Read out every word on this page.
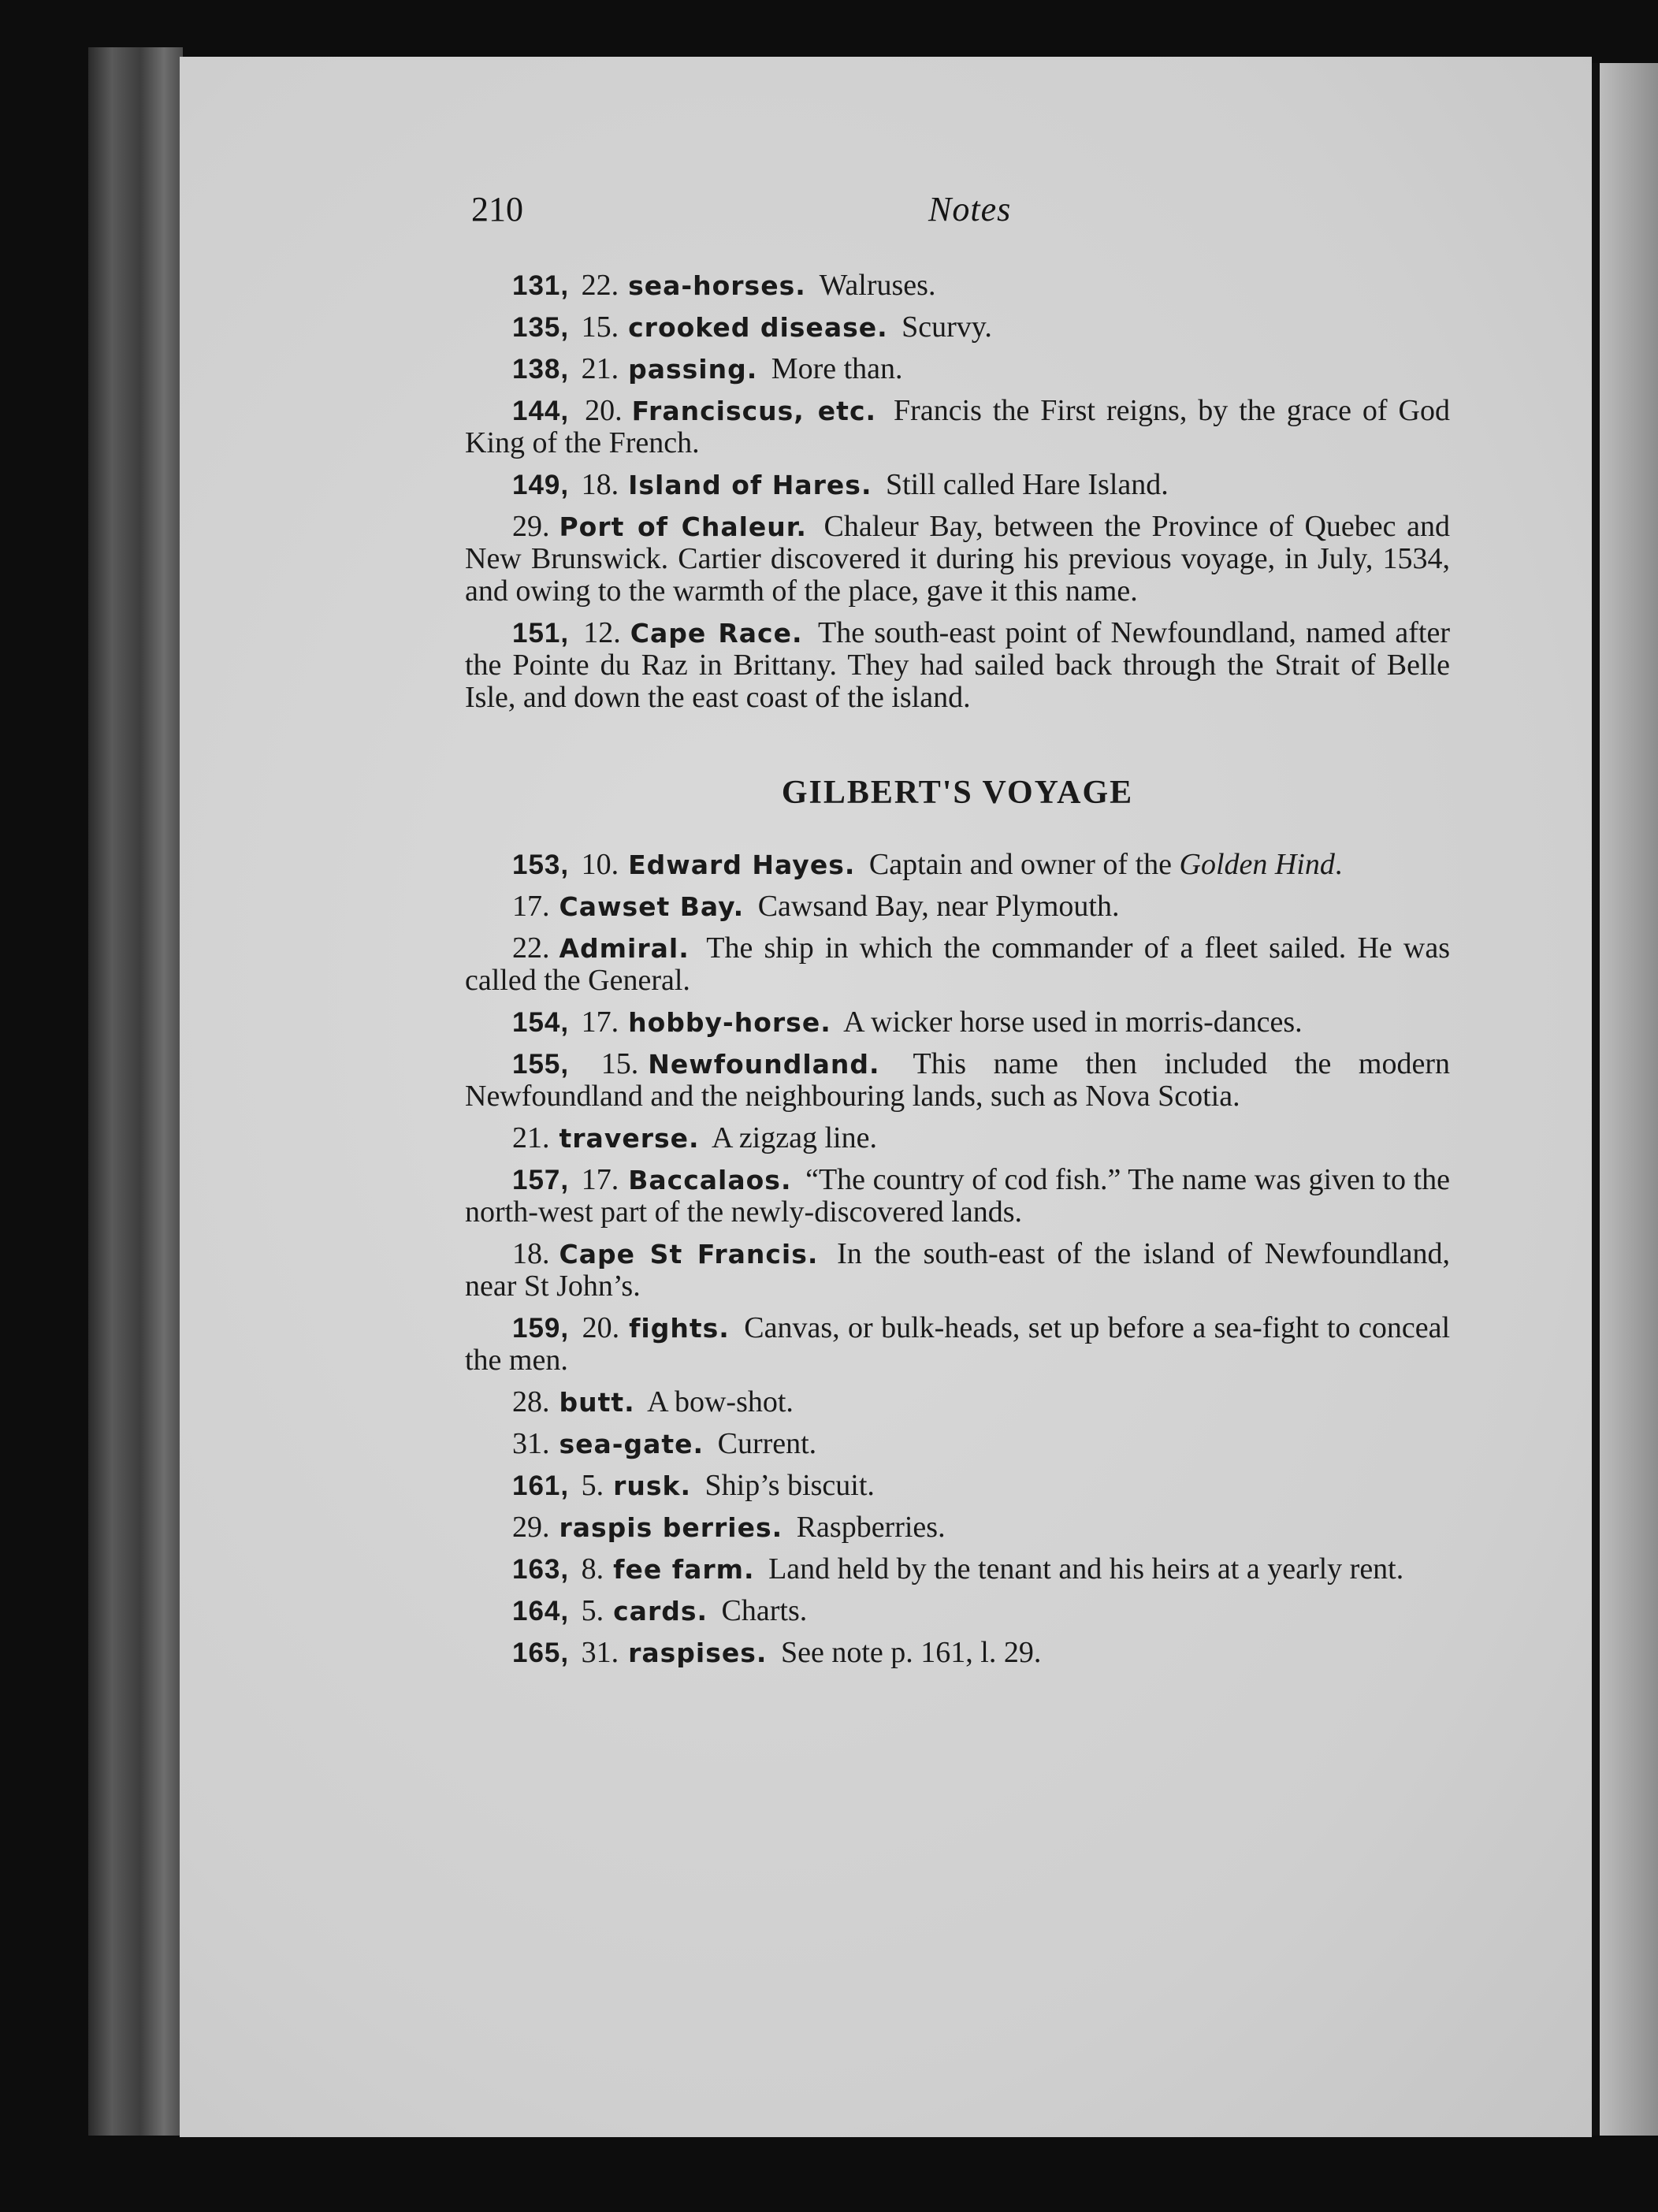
210	Notes

131, 22. sea-horses . Walruses.

135, 15. crooked disease . Scurvy.

138, 21. passing . More than.

144, 20. Franciscus, etc . Francis the First reigns, by the grace of God King of the French.

149, 18. Island of Hares . Still called Hare Island.

29. Port of Chaleur . Chaleur Bay, between the Province of Quebec and New Brunswick. Cartier discovered it during his previous voyage, in July, 1534, and owing to the warmth of the place, gave it this name.

151, 12. Cape Race . The south-east point of Newfoundland, named after the Pointe du Raz in Brittany. They had sailed back through the Strait of Belle Isle, and down the east coast of the island.

GILBERT'S VOYAGE

153, 10. Edward Hayes . Captain and owner of the Golden Hind.

17. Cawset Bay . Cawsand Bay, near Plymouth.

22. Admiral . The ship in which the commander of a fleet sailed. He was called the General.

154, 17. hobby-horse . A wicker horse used in morris-dances.

155, 15. Newfoundland . This name then included the modern Newfoundland and the neighbouring lands, such as Nova Scotia.

21. traverse . A zigzag line.

157, 17. Baccalaos . “The country of cod fish.” The name was given to the north-west part of the newly-discovered lands.

18. Cape St Francis . In the south-east of the island of Newfoundland, near St John’s.

159, 20. fights . Canvas, or bulk-heads, set up before a sea-fight to conceal the men.

28. butt . A bow-shot.

31. sea-gate . Current.

161, 5. rusk . Ship’s biscuit.

29. raspis berries . Raspberries.

163, 8. fee farm . Land held by the tenant and his heirs at a yearly rent.

164, 5. cards . Charts.

165, 31. raspises . See note p. 161, l. 29.
